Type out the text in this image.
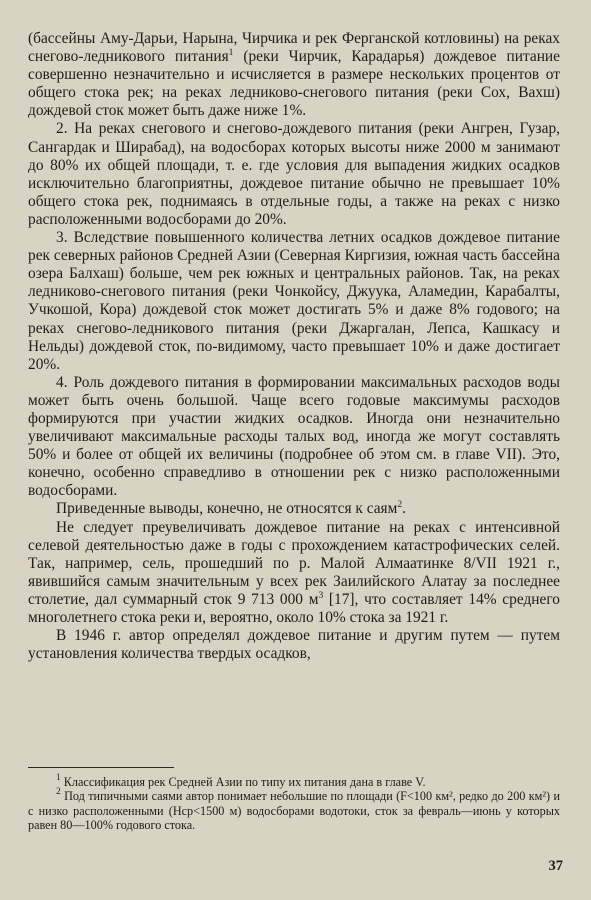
(бассейны Аму-Дарьи, Нарына, Чирчика и рек Ферганской котловины) на реках снегово-ледникового питания$^1$ (реки Чирчик, Карадарья) дождевое питание совершенно незначительно и исчисляется в размере нескольких процентов от общего стока рек; на реках ледниково-снегового питания (реки Сох, Вахш) дождевой сток может быть даже ниже 1%.

2. На реках снегового и снегово-дождевого питания (реки Ангрен, Гузар, Сангардак и Ширабад), на водосборах которых высоты ниже 2000 м занимают до 80% их общей площади, т. е. где условия для выпадения жидких осадков исключительно благоприятны, дождевое питание обычно не превышает 10% общего стока рек, поднимаясь в отдельные годы, а также на реках с низко расположенными водосборами до 20%.

3. Вследствие повышенного количества летних осадков дождевое питание рек северных районов Средней Азии (Северная Киргизия, южная часть бассейна озера Балхаш) больше, чем рек южных и центральных районов. Так, на реках ледниково-снегового питания (реки Чонкойсу, Джуука, Аламедин, Карабалты, Учкошой, Кора) дождевой сток может достигать 5% и даже 8% годового; на реках снегово-ледникового питания (реки Джаргалан, Лепса, Кашкасу и Нельды) дождевой сток, по-видимому, часто превышает 10% и даже достигает 20%.

4. Роль дождевого питания в формировании максимальных расходов воды может быть очень большой. Чаще всего годовые максимумы расходов формируются при участии жидких осадков. Иногда они незначительно увеличивают максимальные расходы талых вод, иногда же могут составлять 50% и более от общей их величины (подробнее об этом см. в главе VII). Это, конечно, особенно справедливо в отношении рек с низко расположенными водосборами.

Приведенные выводы, конечно, не относятся к саям$^2$.

Не следует преувеличивать дождевое питание на реках с интенсивной селевой деятельностью даже в годы с прохождением катастрофических селей. Так, например, сель, прошедший по р. Малой Алмаатинке 8/VII 1921 г., явившийся самым значительным у всех рек Заилийского Алатау за последнее столетие, дал суммарный сток 9 713 000 $м^3$ [17], что составляет 14% среднего многолетнего стока реки и, вероятно, около 10% стока за 1921 г.

В 1946 г. автор определял дождевое питание и другим путем — путем установления количества твердых осадков,

$^1$ Классификация рек Средней Азии по типу их питания дана в главе V.

$^2$ Под типичными саями автор понимает небольшие по площади (F<100 км², редко до 200 км²) и с низко расположенными (Hср<1500 м) водосборами водотоки, сток за февраль—июнь у которых равен 80—100% годового стока.

37
